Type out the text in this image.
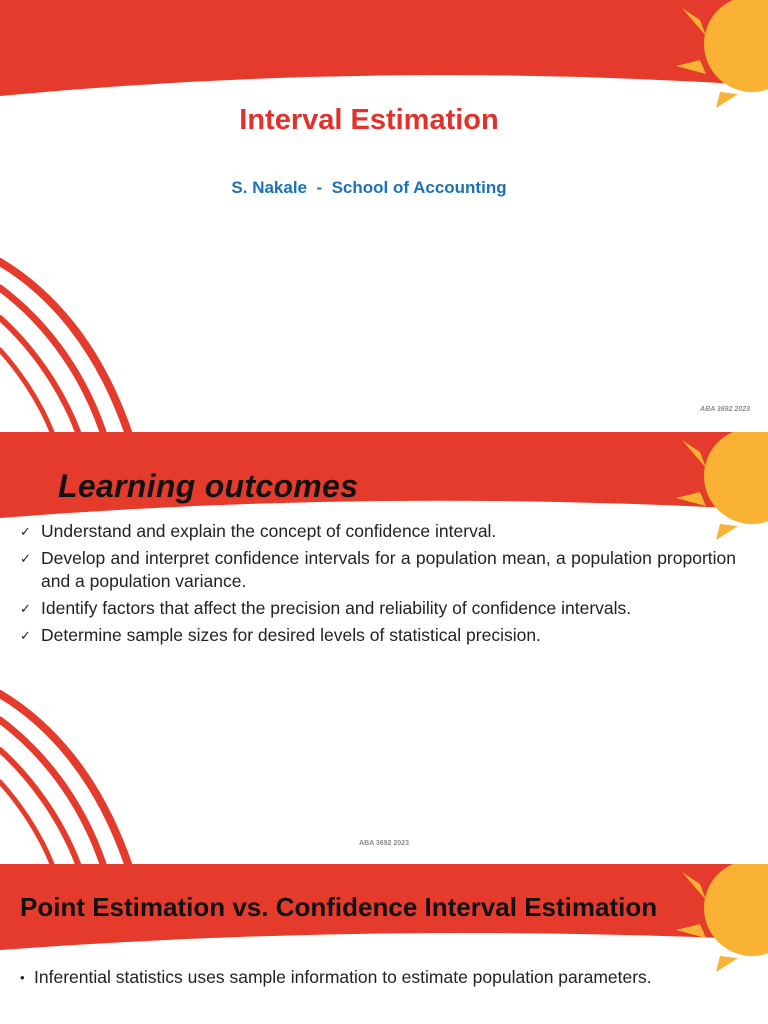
Interval Estimation
S. Nakale  -  School of Accounting
ABA 3692 2023
Learning outcomes
✓ Understand and explain the concept of confidence interval.
✓ Develop and interpret confidence intervals for a population mean, a population proportion and a population variance.
✓ Identify factors that affect the precision and reliability of confidence intervals.
✓ Determine sample sizes for desired levels of statistical precision.
ABA 3692 2023
Point Estimation vs. Confidence Interval Estimation
• Inferential statistics uses sample information to estimate population parameters.
